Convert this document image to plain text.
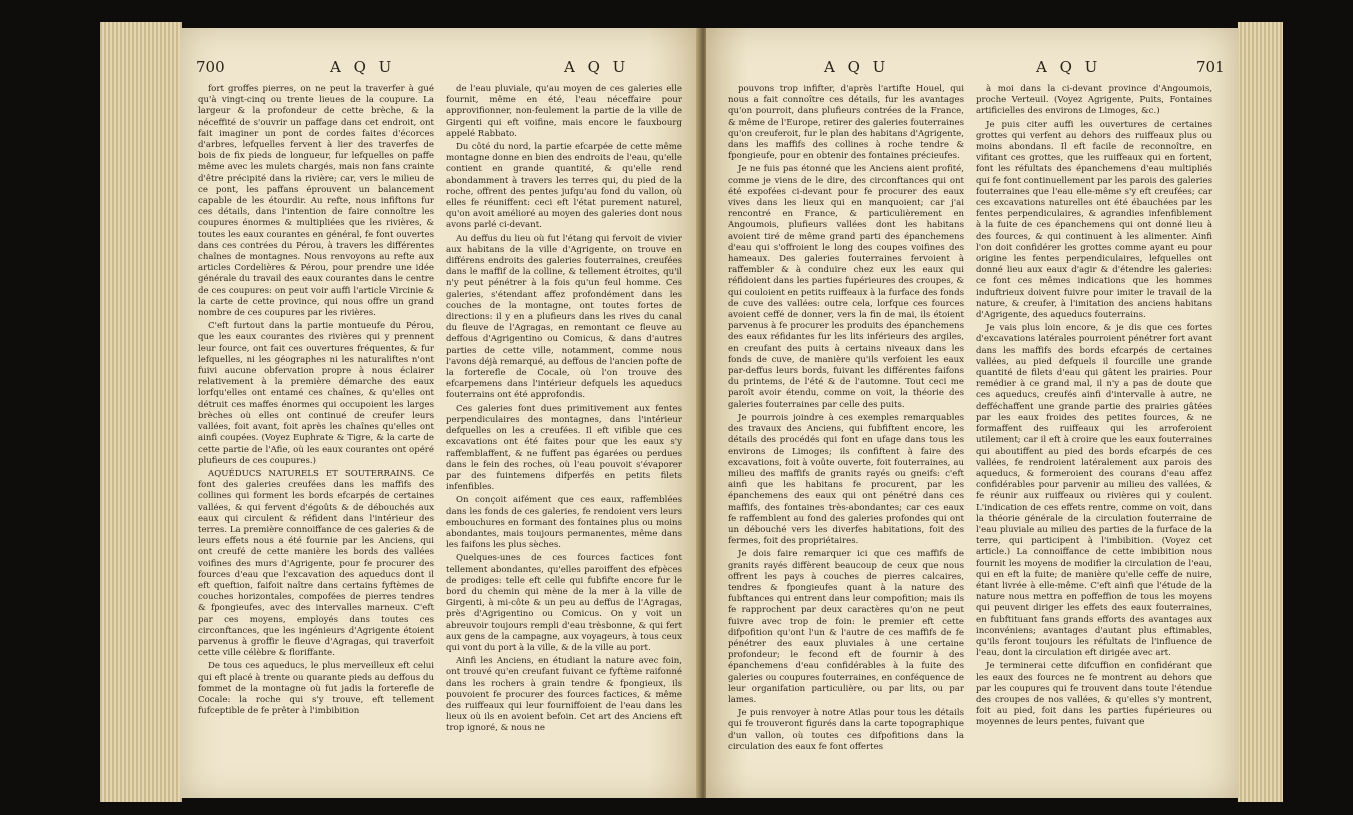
700	A Q U	A Q U

fort groffes pierres, on ne peut la traverfer à gué qu'à vingt-cinq ou trente lieues de la coupure. La largeur & la profondeur de cette brèche, & la néceffité de s'ouvrir un paffage dans cet endroit, ont fait imaginer un pont de cordes faites d'écorces d'arbres, lefquelles fervent à lier des traverfes de bois de fix pieds de longueur, fur lefquelles on paffe même avec les mulets chargés, mais non fans crainte d'être précipité dans la rivière; car, vers le milieu de ce pont, les paffans éprouvent un balancement capable de les étourdir. Au refte, nous infiftons fur ces détails, dans l'intention de faire connoître les coupures énormes & multipliées que les rivières, & toutes les eaux courantes en général, fe font ouvertes dans ces contrées du Pérou, à travers les différentes chaînes de montagnes. Nous renvoyons au refte aux articles Cordelières & Pérou, pour prendre une idée générale du travail des eaux courantes dans le centre de ces coupures: on peut voir auffi l'article Vircinie & la carte de cette province, qui nous offre un grand nombre de ces coupures par les rivières.

C'eft furtout dans la partie montueufe du Pérou, que les eaux courantes des rivières qui y prennent leur fource, ont fait ces ouvertures fréquentes, & fur lefquelles, ni les géographes ni les naturaliftes n'ont fuivi aucune obfervation propre à nous éclairer relativement à la première démarche des eaux lorfqu'elles ont entamé ces chaînes, & qu'elles ont détruit ces maffes énormes qui occupoient les larges brèches où elles ont continué de creufer leurs vallées, foit avant, foit après les chaînes qu'elles ont ainfi coupées. (Voyez Euphrate & Tigre, & la carte de cette partie de l'Afie, où les eaux courantes ont opéré plufieurs de ces coupures.)

AQUÉDUCS NATURELS ET SOUTERRAINS. Ce font des galeries creufées dans les maffifs des collines qui forment les bords efcarpés de certaines vallées, & qui fervent d'égoûts & de débouchés aux eaux qui circulent & réfident dans l'intérieur des terres. La première connoiffance de ces galeries & de leurs effets nous a été fournie par les Anciens, qui ont creufé de cette manière les bords des vallées voifines des murs d'Agrigente, pour fe procurer des fources d'eau que l'excavation des aqueducs dont il eft queftion, faifoit naître dans certains fyftèmes de couches horizontales, compofées de pierres tendres & fpongieufes, avec des intervalles marneux. C'eft par ces moyens, employés dans toutes ces circonftances, que les ingénieurs d'Agrigente étoient parvenus à groffir le fleuve d'Agragas, qui traverfoit cette ville célèbre & floriffante.

De tous ces aqueducs, le plus merveilleux eft celui qui eft placé à trente ou quarante pieds au deffous du fommet de la montagne où fut jadis la forterefle de Cocale: la roche qui s'y trouve, eft tellement fufceptible de fe prêter à l'imbibition

de l'eau pluviale, qu'au moyen de ces galeries elle fournit, même en été, l'eau néceffaire pour approvifionner, non-feulement la partie de la ville de Girgenti qui eft voifine, mais encore le fauxbourg appelé Rabbato.

Du côté du nord, la partie efcarpée de cette même montagne donne en bien des endroits de l'eau, qu'elle contient en grande quantité, & qu'elle rend abondamment à travers les terres qui, du pied de la roche, offrent des pentes jufqu'au fond du vallon, où elles fe réuniffent: ceci eft l'état purement naturel, qu'on avoit amélioré au moyen des galeries dont nous avons parlé ci-devant.

Au deffus du lieu où fut l'étang qui fervoit de vivier aux habitans de la ville d'Agrigente, on trouve en différens endroits des galeries fouterraines, creufées dans le maffif de la colline, & tellement étroites, qu'il n'y peut pénétrer à la fois qu'un feul homme. Ces galeries, s'étendant affez profondément dans les couches de la montagne, ont toutes fortes de directions: il y en a plufieurs dans les rives du canal du fleuve de l'Agragas, en remontant ce fleuve au deffous d'Agrigentino ou Comicus, & dans d'autres parties de cette ville, notamment, comme nous l'avons déjà remarqué, au deffous de l'ancien pofte de la forterefle de Cocale, où l'on trouve des efcarpemens dans l'intérieur defquels les aqueducs fouterrains ont été approfondis.

Ces galeries font dues primitivement aux fentes perpendiculaires des montagnes, dans l'intérieur defquelles on les a creufées. Il eft vifible que ces excavations ont été faites pour que les eaux s'y raffemblaffent, & ne fuffent pas égarées ou perdues dans le fein des roches, où l'eau pouvoit s'évaporer par des fuintemens difperfés en petits filets infenfibles.

On conçoit aifément que ces eaux, raffemblées dans les fonds de ces galeries, fe rendoient vers leurs embouchures en formant des fontaines plus ou moins abondantes, mais toujours permanentes, même dans les faifons les plus sèches.

Quelques-unes de ces fources factices font tellement abondantes, qu'elles paroiffent des efpèces de prodiges: telle eft celle qui fubfifte encore fur le bord du chemin qui mène de la mer à la ville de Girgenti, à mi-côte & un peu au deffus de l'Agragas, près d'Agrigentino ou Comicus. On y voit un abreuvoir toujours rempli d'eau trèsbonne, & qui fert aux gens de la campagne, aux voyageurs, à tous ceux qui vont du port à la ville, & de la ville au port.

Ainfi les Anciens, en étudiant la nature avec foin, ont trouvé qu'en creufant fuivant ce fyftème raifonné dans les rochers à grain tendre & fpongieux, ils pouvoient fe procurer des fources factices, & même des ruiffeaux qui leur fourniffoient de l'eau dans les lieux où ils en avoient befoin. Cet art des Anciens eft trop ignoré, & nous ne

A Q U	A Q U	701

pouvons trop infifter, d'après l'artifte Houel, qui nous a fait connoître ces détails, fur les avantages qu'on pourroit, dans plufieurs contrées de la France, & même de l'Europe, retirer des galeries fouterraines qu'on creuferoit, fur le plan des habitans d'Agrigente, dans les maffifs des collines à roche tendre & fpongieufe, pour en obtenir des fontaines précieufes.

Je ne fuis pas étonné que les Anciens aient profité, comme je viens de le dire, des circonftances qui ont été expofées ci-devant pour fe procurer des eaux vives dans les lieux qui en manquoient; car j'ai rencontré en France, & particulièrement en Angoumois, plufieurs vallées dont les habitans avoient tiré de même grand parti des épanchemens d'eau qui s'offroient le long des coupes voifines des hameaux. Des galeries fouterraines fervoient à raffembler & à conduire chez eux les eaux qui réfidoient dans les parties fupérieures des croupes, & qui couloient en petits ruiffeaux à la furface des fonds de cuve des vallées: outre cela, lorfque ces fources avoient ceffé de donner, vers la fin de mai, ils étoient parvenus à fe procurer les produits des épanchemens des eaux réfidantes fur les lits inférieurs des argiles, en creufant des puits à certains niveaux dans les fonds de cuve, de manière qu'ils verfoient les eaux par-deffus leurs bords, fuivant les différentes faifons du printems, de l'été & de l'automne. Tout ceci me paroît avoir étendu, comme on voit, la théorie des galeries fouterraines par celle des puits.

Je pourrois joindre à ces exemples remarquables des travaux des Anciens, qui fubfiftent encore, les détails des procédés qui font en ufage dans tous les environs de Limoges; ils confiftent à faire des excavations, foit à voûte ouverte, foit fouterraines, au milieu des maffifs de granits rayés ou gneifs: c'eft ainfi que les habitans fe procurent, par les épanchemens des eaux qui ont pénétré dans ces maffifs, des fontaines très-abondantes; car ces eaux fe raffemblent au fond des galeries profondes qui ont un débouché vers les diverfes habitations, foit des fermes, foit des propriétaires.

Je dois faire remarquer ici que ces maffifs de granits rayés diffèrent beaucoup de ceux que nous offrent les pays à couches de pierres calcaires, tendres & fpongieufes quant à la nature des fubftances qui entrent dans leur compofition; mais ils fe rapprochent par deux caractères qu'on ne peut fuivre avec trop de foin: le premier eft cette difpofition qu'ont l'un & l'autre de ces maffifs de fe pénétrer des eaux pluviales à une certaine profondeur; le fecond eft de fournir à des épanchemens d'eau confidérables à la fuite des galeries ou coupures fouterraines, en conféquence de leur organifation particulière, ou par lits, ou par lames.

Je puis renvoyer à notre Atlas pour tous les détails qui fe trouveront figurés dans la carte topographique d'un vallon, où toutes ces difpofitions dans la circulation des eaux fe font offertes

à moi dans la ci-devant province d'Angoumois, proche Verteuil. (Voyez Agrigente, Puits, Fontaines artificielles des environs de Limoges, &c.)

Je puis citer auffi les ouvertures de certaines grottes qui verfent au dehors des ruiffeaux plus ou moins abondans. Il eft facile de reconnoître, en vifitant ces grottes, que les ruiffeaux qui en fortent, font les réfultats des épanchemens d'eau multipliés qui fe font continuellement par les parois des galeries fouterraines que l'eau elle-même s'y eft creufées; car ces excavations naturelles ont été ébauchées par les fentes perpendiculaires, & agrandies infenfiblement à la fuite de ces épanchemens qui ont donné lieu à des fources, & qui continuent à les alimenter. Ainfi l'on doit confidérer les grottes comme ayant eu pour origine les fentes perpendiculaires, lefquelles ont donné lieu aux eaux d'agir & d'étendre les galeries: ce font ces mêmes indications que les hommes induftrieux doivent fuivre pour imiter le travail de la nature, & creufer, à l'imitation des anciens habitans d'Agrigente, des aqueducs fouterrains.

Je vais plus loin encore, & je dis que ces fortes d'excavations latérales pourroient pénétrer fort avant dans les maffifs des bords efcarpés de certaines vallées, au pied defquels il fourcille une grande quantité de filets d'eau qui gâtent les prairies. Pour remédier à ce grand mal, il n'y a pas de doute que ces aqueducs, creufés ainfi d'intervalle à autre, ne defféchaffent une grande partie des prairies gâtées par les eaux froides des petites fources, & ne formaffent des ruiffeaux qui les arroferoient utilement; car il eft à croire que les eaux fouterraines qui aboutiffent au pied des bords efcarpés de ces vallées, fe rendroient latéralement aux parois des aqueducs, & formeroient des courans d'eau affez confidérables pour parvenir au milieu des vallées, & fe réunir aux ruiffeaux ou rivières qui y coulent. L'indication de ces effets rentre, comme on voit, dans la théorie générale de la circulation fouterraine de l'eau pluviale au milieu des parties de la furface de la terre, qui participent à l'imbibition. (Voyez cet article.) La connoiffance de cette imbibition nous fournit les moyens de modifier la circulation de l'eau, qui en eft la fuite; de manière qu'elle ceffe de nuire, étant livrée à elle-même. C'eft ainfi que l'étude de la nature nous mettra en poffeffion de tous les moyens qui peuvent diriger les effets des eaux fouterraines, en fubftituant fans grands efforts des avantages aux inconvéniens; avantages d'autant plus eftimables, qu'ils feront toujours les réfultats de l'influence de l'eau, dont la circulation eft dirigée avec art.

Je terminerai cette difcuffion en confidérant que les eaux des fources ne fe montrent au dehors que par les coupures qui fe trouvent dans toute l'étendue des croupes de nos vallées, & qu'elles s'y montrent, foit au pied, foit dans les parties fupérieures ou moyennes de leurs pentes, fuivant que
